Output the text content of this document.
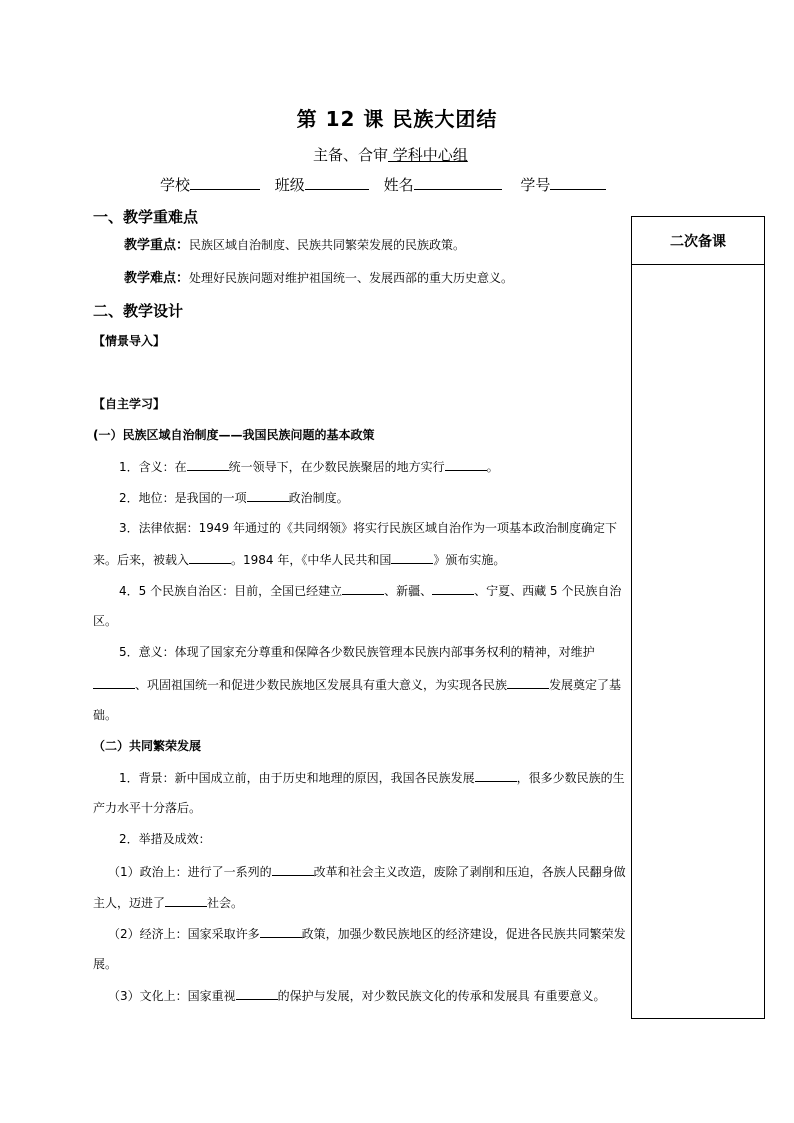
第 12 课 民族大团结
主备、合审 学科中心组
学校	班级	姓名	学号
二次备课
一、教学重难点
教学重点：民族区域自治制度、民族共同繁荣发展的民族政策。
教学难点：处理好民族问题对维护祖国统一、发展西部的重大历史意义。
二、教学设计
【情景导入】
【自主学习】
(一）民族区域自治制度——我国民族问题的基本政策
1．含义：在	统一领导下，在少数民族聚居的地方实行	。
2．地位：是我国的一项	政治制度。
3．法律依据：1949 年通过的《共同纲领》将实行民族区域自治作为一项基本政治制度确定下
来。后来，被载入	。1984 年，《中华人民共和国	》颁布实施。
4．5 个民族自治区：目前，全国已经建立	、新疆、	、宁夏、西藏 5 个民族自治
区。
5．意义：体现了国家充分尊重和保障各少数民族管理本民族内部事务权利的精神，对维护
、巩固祖国统一和促进少数民族地区发展具有重大意义，为实现各民族	发展奠定了基
础。
（二）共同繁荣发展
1．背景：新中国成立前，由于历史和地理的原因，我国各民族发展	，很多少数民族的生
产力水平十分落后。
2．举措及成效：
（1）政治上：进行了一系列的	改革和社会主义改造，废除了剥削和压迫，各族人民翻身做
主人，迈进了	社会。
（2）经济上：国家采取许多	政策，加强少数民族地区的经济建设，促进各民族共同繁荣发
展。
（3）文化上：国家重视	的保护与发展，对少数民族文化的传承和发展具 有重要意义。
